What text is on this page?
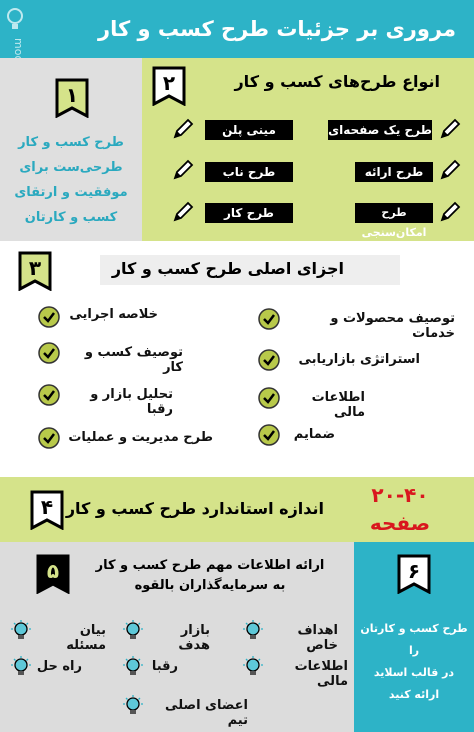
مروری بر جزئیات طرح کسب و کار
۱
طرح کسب و کار
طرحی‌ست برای
موفقیت و ارتقای
کسب و کارتان
۲	انواع طرح‌های کسب و کار
طرح یک صفحه‌ای
مینی پلن
طرح ارائه
طرح ناب
طرح امکان‌سنجی
طرح کار
۳	اجزای اصلی طرح کسب و کار
توصیف محصولات و خدمات
استراتژی بازاریابی
اطلاعات مالی
ضمایم
خلاصه اجرایی
توصیف کسب و کار
تحلیل بازار و رقبا
طرح مدیریت و عملیات
۴ اندازه استاندارد طرح کسب و کار
۲۰-۴۰
صفحه
۵	ارائه اطلاعات مهم طرح کسب و کار
به سرمایه‌گذاران بالقوه
اهداف خاص
بازار هدف
بیان مسئله
اطلاعات مالی
رقبا
راه حل
اعضای اصلی تیم
۶
طرح کسب و کارتان را
در قالب اسلاید
ارائه کنید
